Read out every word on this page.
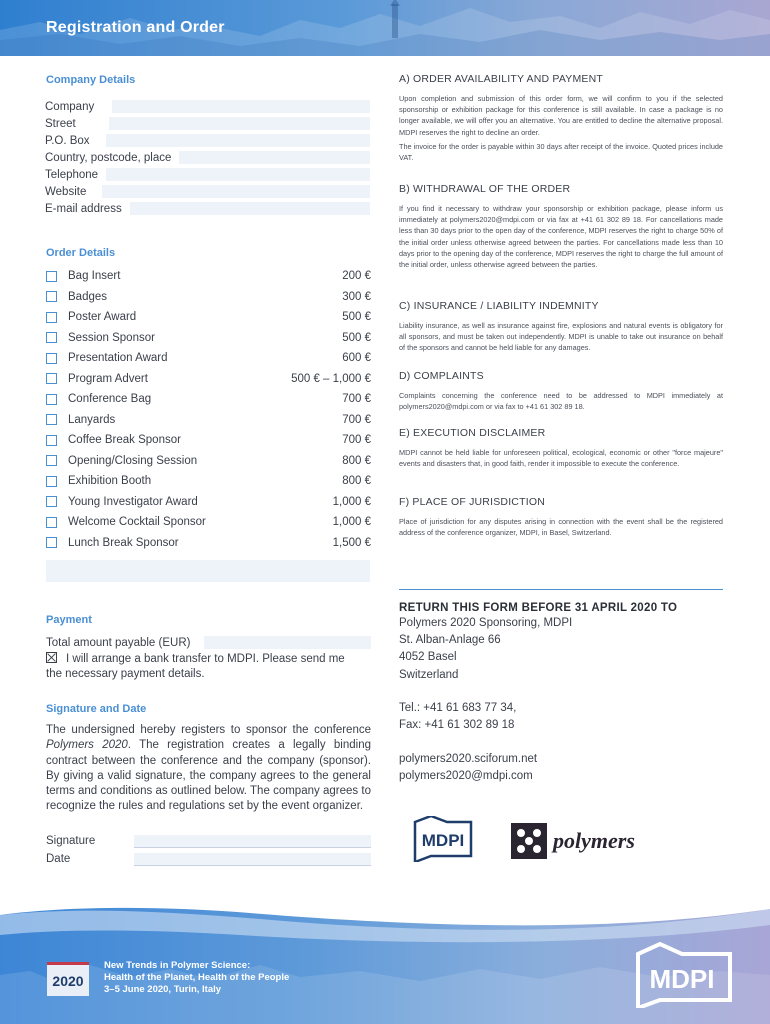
Registration and Order
Company Details
Company
Street
P.O. Box
Country, postcode, place
Telephone
Website
E-mail address
Order Details
Bag Insert	200 €
Badges	300 €
Poster Award	500 €
Session Sponsor	500 €
Presentation Award	600 €
Program Advert	500 € – 1,000 €
Conference Bag	700 €
Lanyards	700 €
Coffee Break Sponsor	700 €
Opening/Closing Session	800 €
Exhibition Booth	800 €
Young Investigator Award	1,000 €
Welcome Cocktail Sponsor	1,000 €
Lunch Break Sponsor	1,500 €
Payment
Total amount payable (EUR)
I will arrange a bank transfer to MDPI. Please send me
the necessary payment details.
Signature and Date
The undersigned hereby registers to sponsor the conference Polymers 2020. The registration creates a legally binding contract between the conference and the company (sponsor). By giving a valid signature, the company agrees to the general terms and conditions as outlined below. The company agrees to recognize the rules and regulations set by the event organizer.
Signature
Date
A) ORDER AVAILABILITY AND PAYMENT

Upon completion and submission of this order form, we will confirm to you if the selected sponsorship or exhibition package for this conference is still available. In case a package is no longer available, we will offer you an alternative. You are entitled to decline the alternative proposal. MDPI reserves the right to decline an order.

The invoice for the order is payable within 30 days after receipt of the invoice. Quoted prices include VAT.

B) WITHDRAWAL OF THE ORDER

If you find it necessary to withdraw your sponsorship or exhibition package, please inform us immediately at polymers2020@mdpi.com or via fax at +41 61 302 89 18. For cancellations made less than 30 days prior to the open day of the conference, MDPI reserves the right to charge 50% of the initial order unless otherwise agreed between the parties. For cancellations made less than 10 days prior to the opening day of the conference, MDPI reserves the right to charge the full amount of the initial order, unless otherwise agreed between the parties.

C) INSURANCE / LIABILITY INDEMNITY

Liability insurance, as well as insurance against fire, explosions and natural events is obligatory for all sponsors, and must be taken out independently. MDPI is unable to take out insurance on behalf of the sponsors and cannot be held liable for any damages.

D) COMPLAINTS

Complaints concerning the conference need to be addressed to MDPI immediately at polymers2020@mdpi.com or via fax to +41 61 302 89 18.

E) EXECUTION DISCLAIMER

MDPI cannot be held liable for unforeseen political, ecological, economic or other "force majeure" events and disasters that, in good faith, render it impossible to execute the conference.

F) PLACE OF JURISDICTION

Place of jurisdiction for any disputes arising in connection with the event shall be the registered address of the conference organizer, MDPI, in Basel, Switzerland.

RETURN THIS FORM BEFORE 31 APRIL 2020 TO
Polymers 2020 Sponsoring, MDPI
St. Alban-Anlage 66
4052 Basel
Switzerland
Tel.: +41 61 683 77 34,
Fax: +41 61 302 89 18
polymers2020.sciforum.net
polymers2020@mdpi.com
MDPI	polymers
2020
New Trends in Polymer Science:
Health of the Planet, Health of the People
3–5 June 2020, Turin, Italy	MDPI
